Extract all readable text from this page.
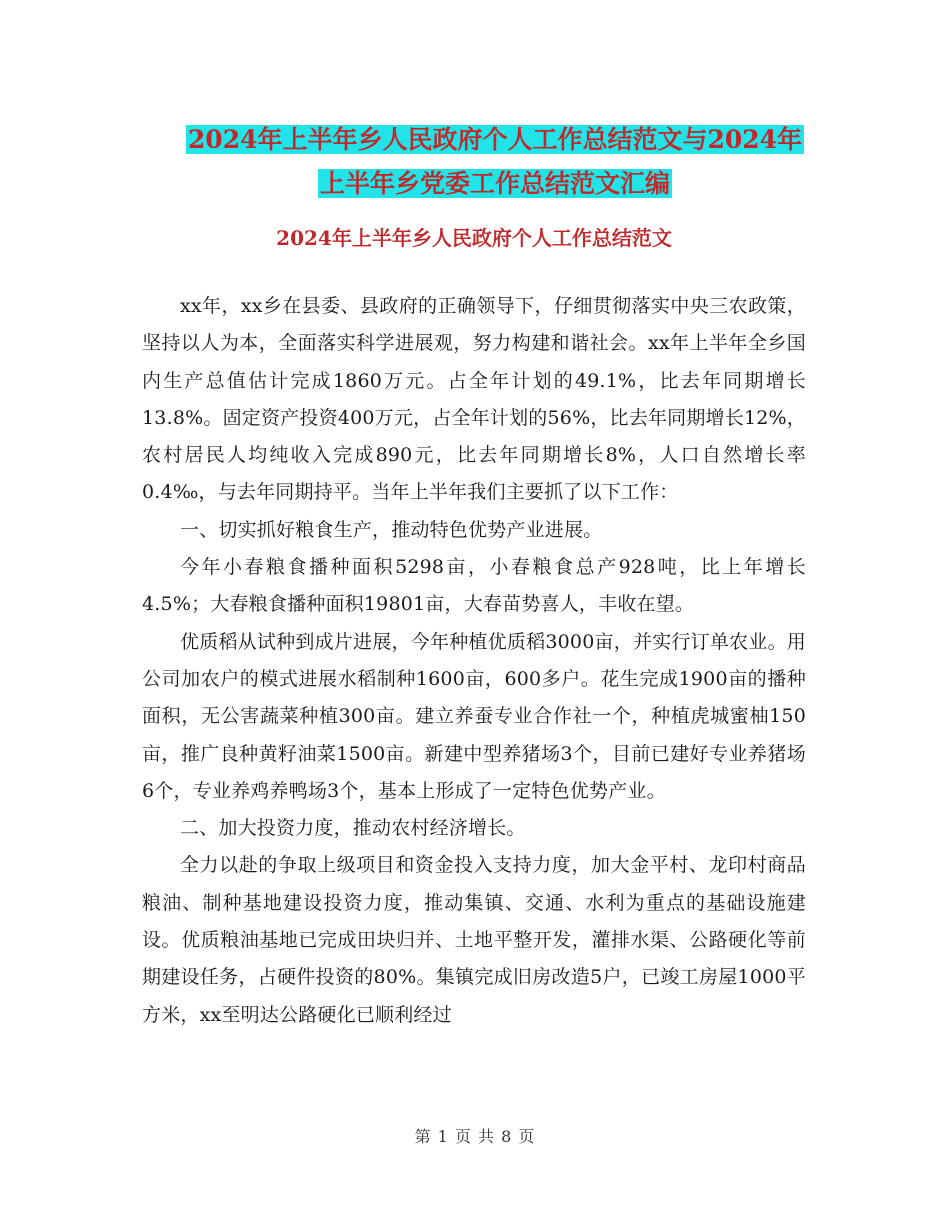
2024年上半年乡人民政府个人工作总结范文与2024年
上半年乡党委工作总结范文汇编
2024年上半年乡人民政府个人工作总结范文

xx年，xx乡在县委、县政府的正确领导下，仔细贯彻落实中央三农政策，坚持以人为本，全面落实科学进展观，努力构建和谐社会。xx年上半年全乡国内生产总值估计完成1860万元。占全年计划的49.1%，比去年同期增长13.8%。固定资产投资400万元，占全年计划的56%，比去年同期增长12%，农村居民人均纯收入完成890元，比去年同期增长8%，人口自然增长率0.4‰，与去年同期持平。当年上半年我们主要抓了以下工作：

一、切实抓好粮食生产，推动特色优势产业进展。

今年小春粮食播种面积5298亩，小春粮食总产928吨，比上年增长4.5%；大春粮食播种面积19801亩，大春苗势喜人，丰收在望。

优质稻从试种到成片进展，今年种植优质稻3000亩，并实行订单农业。用公司加农户的模式进展水稻制种1600亩，600多户。花生完成1900亩的播种面积，无公害蔬菜种植300亩。建立养蚕专业合作社一个，种植虎城蜜柚150亩，推广良种黄籽油菜1500亩。新建中型养猪场3个，目前已建好专业养猪场6个，专业养鸡养鸭场3个，基本上形成了一定特色优势产业。

二、加大投资力度，推动农村经济增长。

全力以赴的争取上级项目和资金投入支持力度，加大金平村、龙印村商品粮油、制种基地建设投资力度，推动集镇、交通、水利为重点的基础设施建设。优质粮油基地已完成田块归并、土地平整开发，灌排水渠、公路硬化等前期建设任务，占硬件投资的80%。集镇完成旧房改造5户，已竣工房屋1000平方米，xx至明达公路硬化已顺利经过

第 1 页 共 8 页
